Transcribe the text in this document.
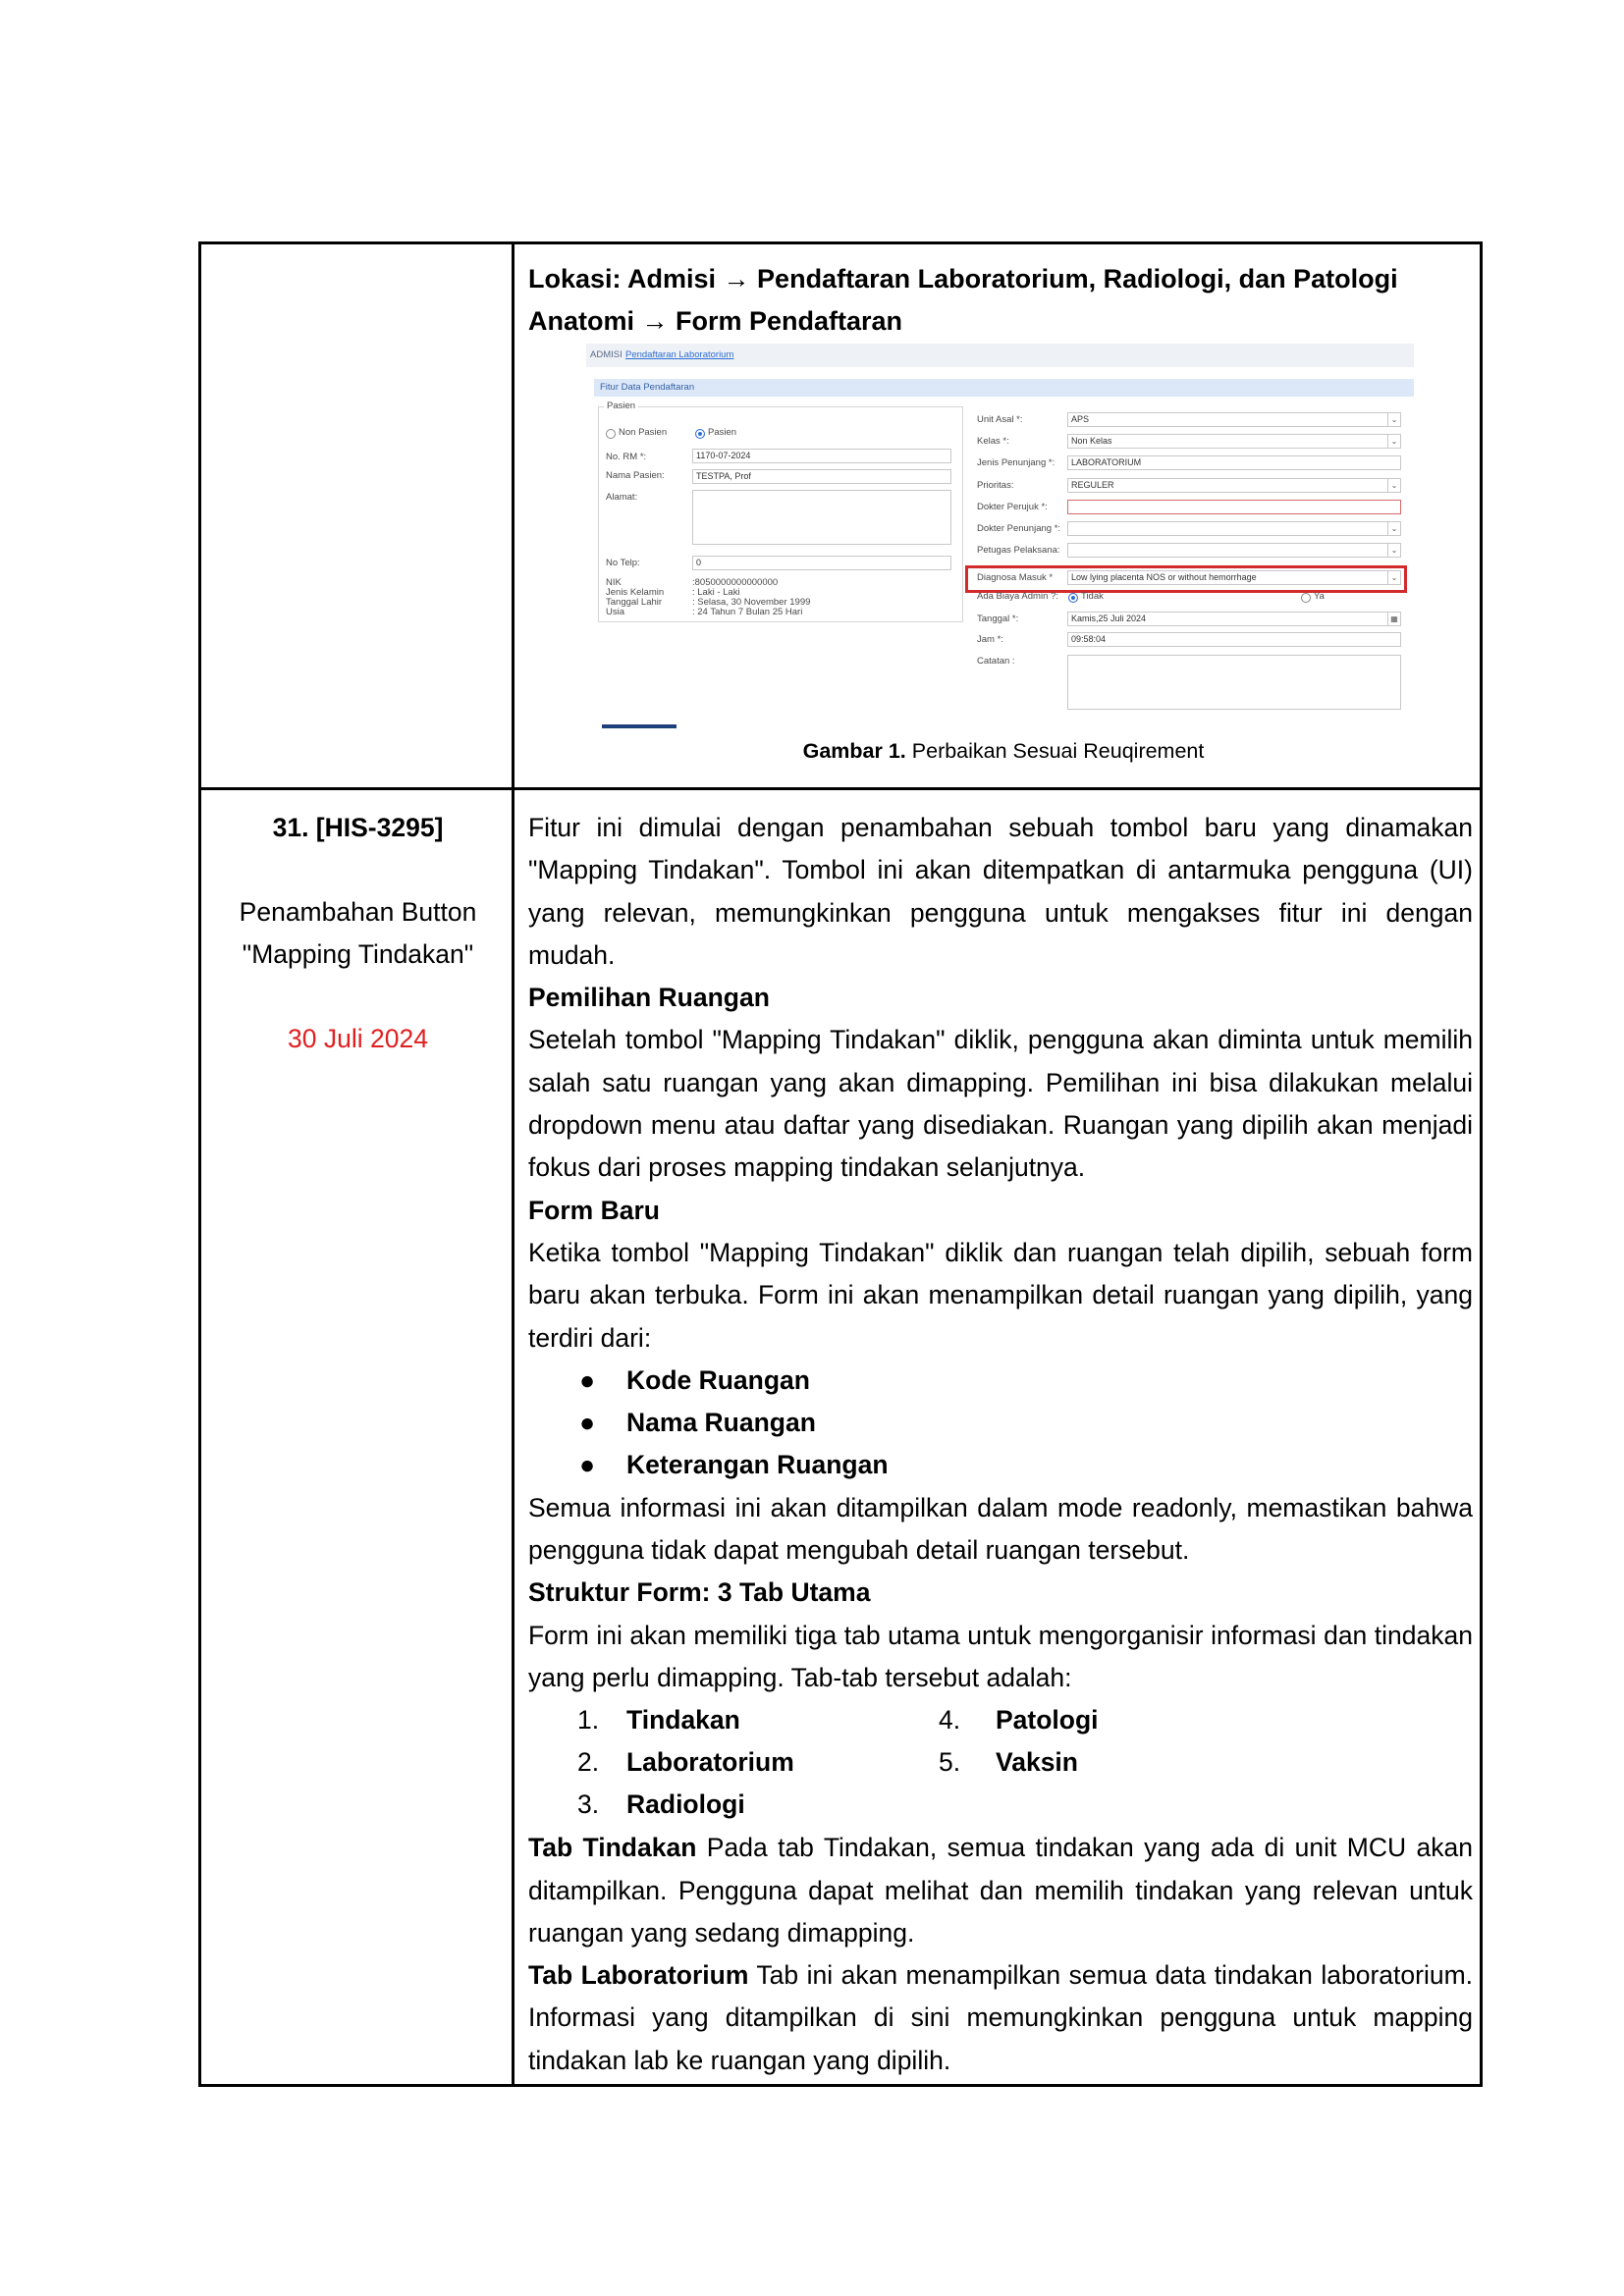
Lokasi: Admisi → Pendaftaran Laboratorium, Radiologi, dan Patologi
Anatomi → Form Pendaftaran
ADMISI Pendaftaran Laboratorium
Fitur Data Pendaftaran
Pasien
Non Pasien	Pasien
No. RM *:	1170-07-2024
Nama Pasien:	TESTPA, Prof
Alamat:
No Telp:	0
NIK	:8050000000000000
Jenis Kelamin	: Laki - Laki
Tanggal Lahir	: Selasa, 30 November 1999
Usia	: 24 Tahun 7 Bulan 25 Hari
Unit Asal *:	APS	⌄
Kelas *:	Non Kelas	⌄
Jenis Penunjang *: LABORATORIUM
Prioritas:	REGULER	⌄
Dokter Perujuk *:
Dokter Penunjang *:	⌄
Petugas Pelaksana:	⌄
Diagnosa Masuk * Low lying placenta NOS or without hemorrhage	⌄
Ada Biaya Admin ?: Tidak	Ya
Tanggal *:	Kamis,25 Juli 2024	▦
Jam *:	09:58:04
Catatan :
Gambar 1. Perbaikan Sesuai Reuqirement
31. [HIS-3295]
Penambahan Button
"Mapping Tindakan"
30 Juli 2024
Fitur ini dimulai dengan penambahan sebuah tombol baru yang dinamakan "Mapping Tindakan". Tombol ini akan ditempatkan di antarmuka pengguna (UI) yang relevan, memungkinkan pengguna untuk mengakses fitur ini dengan mudah.
Pemilihan Ruangan
Setelah tombol "Mapping Tindakan" diklik, pengguna akan diminta untuk memilih salah satu ruangan yang akan dimapping. Pemilihan ini bisa dilakukan melalui dropdown menu atau daftar yang disediakan. Ruangan yang dipilih akan menjadi fokus dari proses mapping tindakan selanjutnya.
Form Baru
Ketika tombol "Mapping Tindakan" diklik dan ruangan telah dipilih, sebuah form baru akan terbuka. Form ini akan menampilkan detail ruangan yang dipilih, yang terdiri dari:
● Kode Ruangan
● Nama Ruangan
● Keterangan Ruangan
Semua informasi ini akan ditampilkan dalam mode readonly, memastikan bahwa pengguna tidak dapat mengubah detail ruangan tersebut.
Struktur Form: 3 Tab Utama
Form ini akan memiliki tiga tab utama untuk mengorganisir informasi dan tindakan yang perlu dimapping. Tab-tab tersebut adalah:
1. Tindakan
2. Laboratorium
3. Radiologi
4. Patologi
5. Vaksin
Tab Tindakan Pada tab Tindakan, semua tindakan yang ada di unit MCU akan ditampilkan. Pengguna dapat melihat dan memilih tindakan yang relevan untuk ruangan yang sedang dimapping.
Tab Laboratorium Tab ini akan menampilkan semua data tindakan laboratorium. Informasi yang ditampilkan di sini memungkinkan pengguna untuk mapping tindakan lab ke ruangan yang dipilih.
